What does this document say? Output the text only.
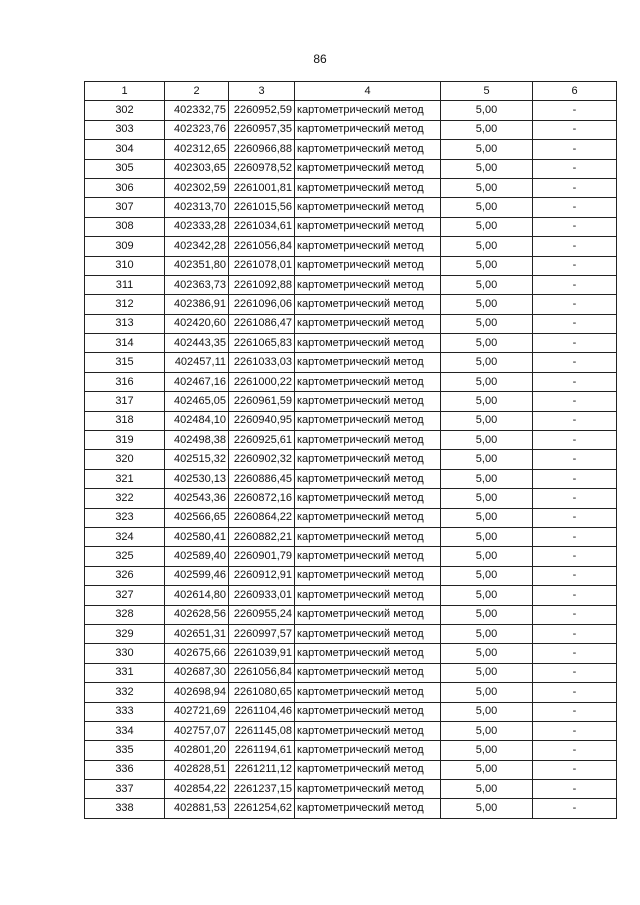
86
1	2	3	4	5	6
302	402332,75	2260952,59	картометрический метод	5,00	-
303	402323,76	2260957,35	картометрический метод	5,00	-
304	402312,65	2260966,88	картометрический метод	5,00	-
305	402303,65	2260978,52	картометрический метод	5,00	-
306	402302,59	2261001,81	картометрический метод	5,00	-
307	402313,70	2261015,56	картометрический метод	5,00	-
308	402333,28	2261034,61	картометрический метод	5,00	-
309	402342,28	2261056,84	картометрический метод	5,00	-
310	402351,80	2261078,01	картометрический метод	5,00	-
311	402363,73	2261092,88	картометрический метод	5,00	-
312	402386,91	2261096,06	картометрический метод	5,00	-
313	402420,60	2261086,47	картометрический метод	5,00	-
314	402443,35	2261065,83	картометрический метод	5,00	-
315	402457,11	2261033,03	картометрический метод	5,00	-
316	402467,16	2261000,22	картометрический метод	5,00	-
317	402465,05	2260961,59	картометрический метод	5,00	-
318	402484,10	2260940,95	картометрический метод	5,00	-
319	402498,38	2260925,61	картометрический метод	5,00	-
320	402515,32	2260902,32	картометрический метод	5,00	-
321	402530,13	2260886,45	картометрический метод	5,00	-
322	402543,36	2260872,16	картометрический метод	5,00	-
323	402566,65	2260864,22	картометрический метод	5,00	-
324	402580,41	2260882,21	картометрический метод	5,00	-
325	402589,40	2260901,79	картометрический метод	5,00	-
326	402599,46	2260912,91	картометрический метод	5,00	-
327	402614,80	2260933,01	картометрический метод	5,00	-
328	402628,56	2260955,24	картометрический метод	5,00	-
329	402651,31	2260997,57	картометрический метод	5,00	-
330	402675,66	2261039,91	картометрический метод	5,00	-
331	402687,30	2261056,84	картометрический метод	5,00	-
332	402698,94	2261080,65	картометрический метод	5,00	-
333	402721,69	2261104,46	картометрический метод	5,00	-
334	402757,07	2261145,08	картометрический метод	5,00	-
335	402801,20	2261194,61	картометрический метод	5,00	-
336	402828,51	2261211,12	картометрический метод	5,00	-
337	402854,22	2261237,15	картометрический метод	5,00	-
338	402881,53	2261254,62	картометрический метод	5,00	-
